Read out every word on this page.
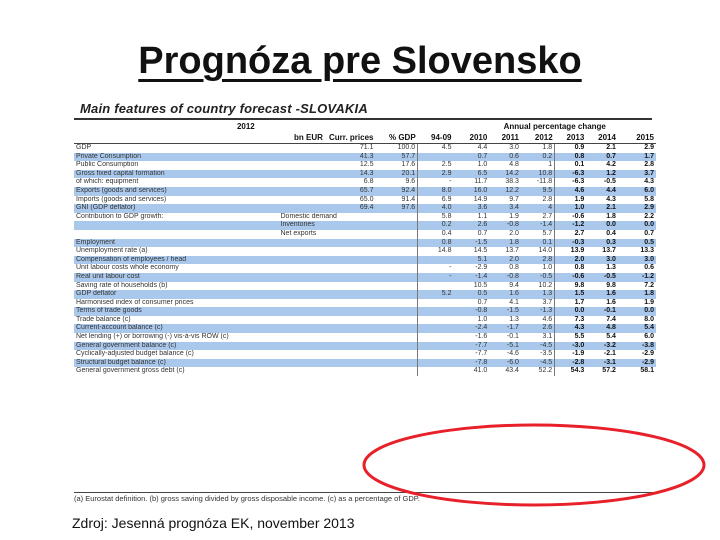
Prognóza pre Slovensko
Main features of country forecast -SLOVAKIA
2012					Annual percentage change					
	bn EUR	Curr. prices	% GDP	94-09	2010	2011	2012	2013	2014	2015
GDP		71.1	100.0	4.5	4.4	3.0	1.8	0.9	2.1	2.9
Private Consumption		41.3	57.7		0.7	0.6	0.2	0.8	0.7	1.7
Public Consumption		12.5	17.6	2.5	1.0	4.8	1	0.1	4.2	2.8
Gross fixed capital formation		14.3	20.1	2.9	6.5	14.2	10.8	-6.3	1.2	3.7
of which: equipment		6.8	9.6	-	11.7	38.3	-11.8	-6.3	-0.5	4.3
Exports (goods and services)		65.7	92.4	8.0	16.0	12.2	9.5	4.6	4.4	6.0
Imports (goods and services)		65.0	91.4	6.9	14.9	9.7	2.8	1.9	4.3	5.8
GNI (GDP deflator)		69.4	97.6	4.0	3.6	3.4	4	1.0	2.1	2.9
Contribution to GDP growth:	Domestic demand			5.8	1.1	1.9	2.7	-0.6	1.8	2.2
	Inventories			0.2	2.6	-0.8	-1.4	-1.2	0.0	0.0
	Net exports			0.4	0.7	2.0	5.7	2.7	0.4	0.7
Employment				0.8	-1.5	1.8	0.1	-0.3	0.3	0.5
Unemployment rate (a)				14.8	14.5	13.7	14.0	13.9	13.7	13.3
Compensation of employees / head					5.1	2.0	2.8	2.0	3.0	3.0
Unit labour costs whole economy				-	-2.9	0.8	1.0	0.8	1.3	0.6
Real unit labour cost				-	-1.4	-0.8	-0.5	-0.6	-0.5	-1.2
Saving rate of households (b)					10.5	9.4	10.2	9.8	9.8	7.2
GDP deflator				5.2	0.5	1.6	1.3	1.5	1.6	1.8
Harmonised index of consumer prices					0.7	4.1	3.7	1.7	1.6	1.9
Terms of trade goods					-0.8	-1.5	-1.3	0.0	-0.1	0.0
Trade balance (c)					1.0	1.3	4.6	7.3	7.4	8.0
Current-account balance (c)					-2.4	-1.7	2.6	4.3	4.8	5.4
Net lending (+) or borrowing (-) vis-à-vis ROW (c)					-1.6	-0.1	3.1	5.5	5.4	6.0
General government balance (c)					-7.7	-5.1	-4.5	-3.0	-3.2	-3.8
Cyclically-adjusted budget balance (c)					-7.7	-4.6	-3.5	-1.9	-2.1	-2.9
Structural budget balance (c)					-7.8	-6.0	-4.5	-2.8	-3.1	-2.9
General government gross debt (c)					41.0	43.4	52.2	54.3	57.2	58.1
(a) Eurostat definition. (b) gross saving divided by gross disposable income. (c) as a percentage of GDP.
Zdroj: Jesenná prognóza EK, november 2013
